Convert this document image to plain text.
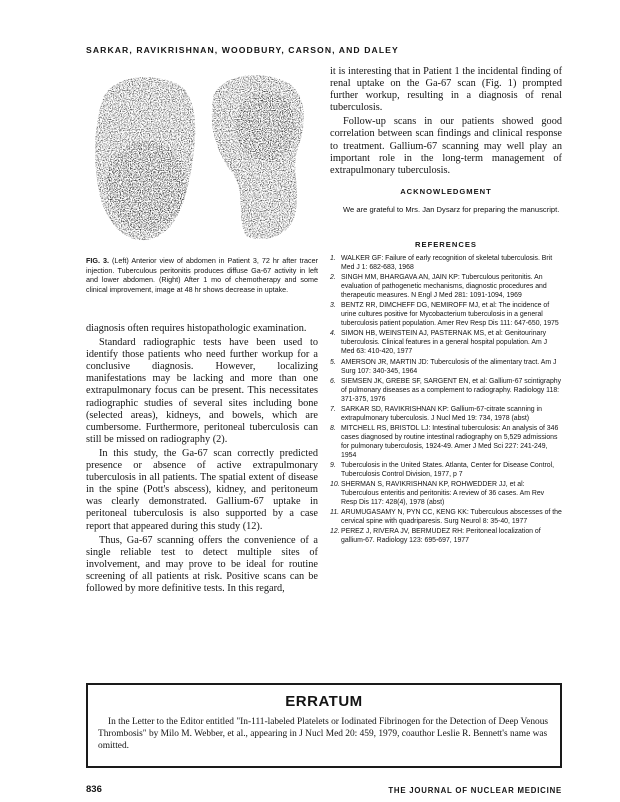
SARKAR, RAVIKRISHNAN, WOODBURY, CARSON, AND DALEY
FIG. 3. (Left) Anterior view of abdomen in Patient 3, 72 hr after tracer injection. Tuberculous peritonitis produces diffuse Ga-67 activity in left and lower abdomen. (Right) After 1 mo of chemotherapy and some clinical improvement, image at 48 hr shows decrease in uptake.

diagnosis often requires histopathologic examination.

Standard radiographic tests have been used to identify those patients who need further workup for a conclusive diagnosis. However, localizing manifestations may be lacking and more than one extrapulmonary focus can be present. This necessitates radiographic studies of several sites including bone (selected areas), kidneys, and bowels, which are cumbersome. Furthermore, peritoneal tuberculosis can still be missed on radiography (2).

In this study, the Ga-67 scan correctly predicted presence or absence of active extrapulmonary tuberculosis in all patients. The spatial extent of disease in the spine (Pott's abscess), kidney, and peritoneum was clearly demonstrated. Gallium-67 uptake in peritoneal tuberculosis is also supported by a case report that appeared during this study (12).

Thus, Ga-67 scanning offers the convenience of a single reliable test to detect multiple sites of involvement, and may prove to be ideal for routine screening of all patients at risk. Positive scans can be followed by more definitive tests. In this regard,

it is interesting that in Patient 1 the incidental finding of renal uptake on the Ga-67 scan (Fig. 1) prompted further workup, resulting in a diagnosis of renal tuberculosis.

Follow-up scans in our patients showed good correlation between scan findings and clinical response to treatment. Gallium-67 scanning may well play an important role in the long-term management of extrapulmonary tuberculosis.

ACKNOWLEDGMENT
We are grateful to Mrs. Jan Dysarz for preparing the manuscript.
REFERENCES
1. WALKER GF: Failure of early recognition of skeletal tuberculosis. Brit Med J 1: 682-683, 1968
2. SINGH MM, BHARGAVA AN, JAIN KP: Tuberculous peritonitis. An evaluation of pathogenetic mechanisms, diagnostic procedures and therapeutic measures. N Engl J Med 281: 1091-1094, 1969
3. BENTZ RR, DIMCHEFF DG, NEMIROFF MJ, et al: The incidence of urine cultures positive for Mycobacterium tuberculosis in a general tuberculosis patient population. Amer Rev Resp Dis 111: 647-650, 1975
4. SIMON HB, WEINSTEIN AJ, PASTERNAK MS, et al: Genitourinary tuberculosis. Clinical features in a general hospital population. Am J Med 63: 410-420, 1977
5. AMERSON JR, MARTIN JD: Tuberculosis of the alimentary tract. Am J Surg 107: 340-345, 1964
6. SIEMSEN JK, GREBE SF, SARGENT EN, et al: Gallium-67 scintigraphy of pulmonary diseases as a complement to radiography. Radiology 118: 371-375, 1976
7. SARKAR SD, RAVIKRISHNAN KP: Gallium-67-citrate scanning in extrapulmonary tuberculosis. J Nucl Med 19: 734, 1978 (abst)
8. MITCHELL RS, BRISTOL LJ: Intestinal tuberculosis: An analysis of 346 cases diagnosed by routine intestinal radiography on 5,529 admissions for pulmonary tuberculosis, 1924-49. Amer J Med Sci 227: 241-249, 1954
9. Tuberculosis in the United States. Atlanta, Center for Disease Control, Tuberculosis Control Division, 1977, p 7
10. SHERMAN S, RAVIKRISHNAN KP, ROHWEDDER JJ, et al: Tuberculous enteritis and peritonitis: A review of 36 cases. Am Rev Resp Dis 117: 428(4), 1978 (abst)
11. ARUMUGASAMY N, PYN CC, KENG KK: Tuberculous abscesses of the cervical spine with quadriparesis. Surg Neurol 8: 35-40, 1977
12. PEREZ J, RIVERA JV, BERMUDEZ RH: Peritoneal localization of gallium-67. Radiology 123: 695-697, 1977
ERRATUM
In the Letter to the Editor entitled "In-111-labeled Platelets or Iodinated Fibrinogen for the Detection of Deep Venous Thrombosis" by Milo M. Webber, et al., appearing in J Nucl Med 20: 459, 1979, coauthor Leslie R. Bennett's name was omitted.
836	THE JOURNAL OF NUCLEAR MEDICINE
